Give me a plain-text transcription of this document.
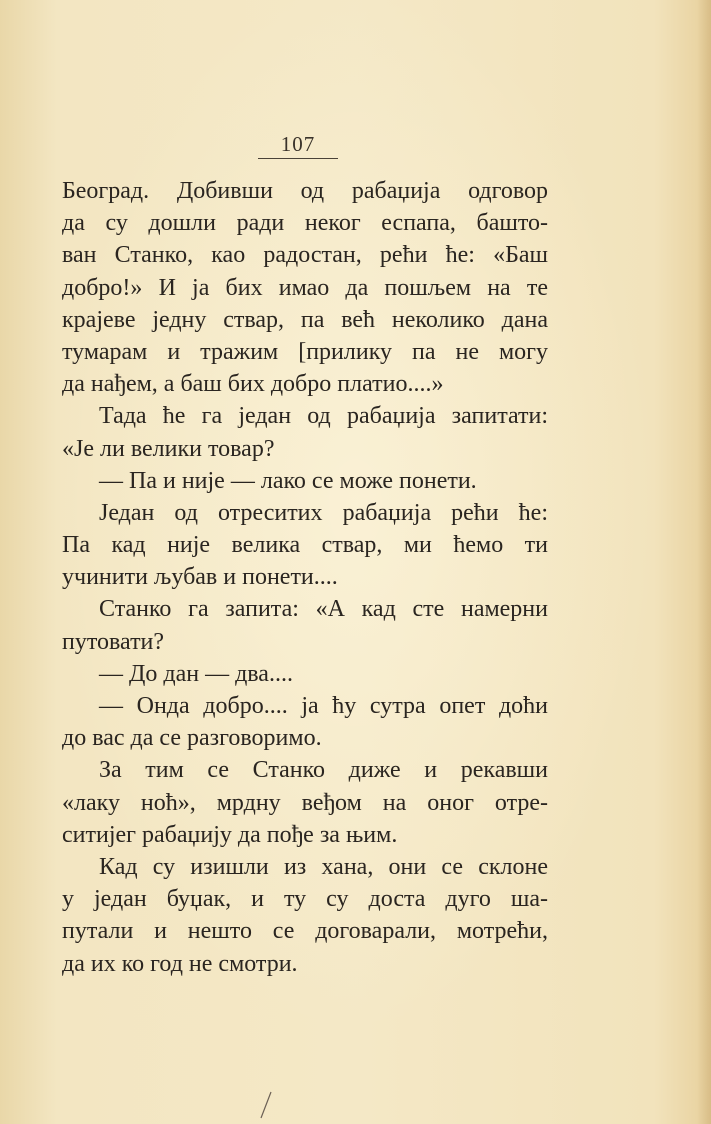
107
Београд. Добивши од рабаџија одговор
да су дошли ради неког еспапа, башто-
ван Станко, као радостан, рећи ће: «Баш
добро!» И ја бих имао да пошљем на те
крајеве једну ствар, па већ неколико дана
тумарам и тражим [прилику па не могу
да нађем, а баш бих добро платио....»
Тада ће га један од рабаџија запитати:
«Је ли велики товар?
— Па и није — лако се може понети.
Један од отреситих рабаџија рећи ће:
Па кад није велика ствар, ми ћемо ти
учинити љубав и понети....
Станко га запита: «А кад сте намерни
путовати?
— До дан — два....
— Онда добро.... ја ћу сутра опет доћи
до вас да се разговоримо.
За тим се Станко диже и рекавши
«лаку ноћ», мрдну веђом на оног отре-
ситијег рабаџију да пође за њим.
Кад су изишли из хана, они се склоне
у један буџак, и ту су доста дуго ша-
путали и нешто се договарали, мотрећи,
да их ко год не смотри.
